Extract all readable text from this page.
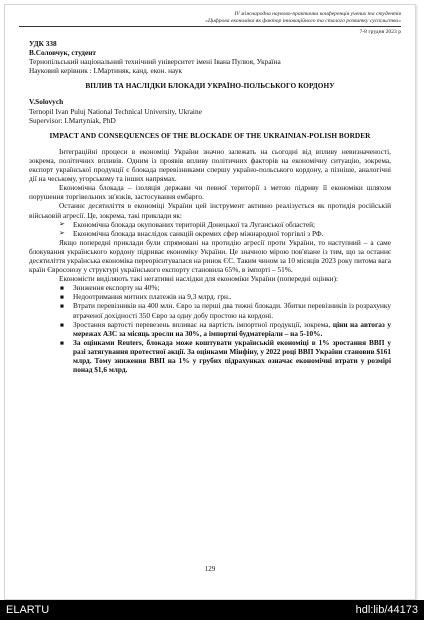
IV міжнародна науково-практична конференція учених та студентів
«Цифрова економіка як фактор інноваційного та сталого розвитку суспільства»
7-8 грудня 2023 р

УДК 338

В.Соловчук, студент

Тернопільський національний технічний університет імені Івана Пулюя, Україна

Науковий керівник : І.Мартиняк, канд. екон. наук

ВПЛИВ ТА НАСЛІДКИ БЛОКАДИ УКРАЇНО-ПОЛЬСЬКОГО КОРДОНУ

V.Solovych

Ternopil Ivan Puluj National Technical University, Ukraine

Supervisor: I.Martyniak, PhD

IMPACT AND CONSEQUENCES OF THE BLOCKADE OF THE UKRAINIAN-POLISH BORDER

Інтеграційні процеси в економіці України значно залежать на сьогодні від впливу невизначеності, зокрема, політичних впливів. Одним із проявів впливу політичних факторів на економічну ситуацію, зокрема, експорт української продукції є блокада перевізниками спершу україно-польського кордону, а пізніше, аналогічні дії на чеському, угорському та інших напрямах.

Економічна блокада – ізоляція держави чи певної території з метою підриву її економіки шляхом порушення торгівельних зв'язків, застосування ембарго.

Останнє десятиліття в економіці України цей інструмент активно реалізується як протидія російській військовій агресії. Це, зокрема, такі приклади як:

➢ Економічна блокада окупованих територій Донецької та Луганської областей;
➢ Економічна блокада внаслідок санкцій окремих сфер міжнародної торгівлі з РФ.

Якщо попередні приклади були спрямовані на протидію агресії проти України, то наступний – а саме блокування українського кордону підриває економіку України. Це значною мірою пов'язане із тим, що за останнє десятиліття українська економіка переорієнтувалася на ринок ЄС. Таким чином за 10 місяців 2023 року питома вага країн Євросоюзу у структурі українського експорту становила 65%, в імпорті – 51%.

Економісти виділяють такі негативні наслідки для економіки України (попередні оцінки):

■ Зниження експорту на 40%;
■ Недоотримання митних платежів на 9,3 млрд. грн..
■ Втрати перевізників на 400 млн. Євро за перші два тижні блокади. Збитки перевізників із розрахунку втраченої дохідності 350 Євро за одну добу простою на кордоні.
■ Зростання вартості перевезень впливає на вартість імпортної продукції, зокрема, ціни на автогаз у мережах АЗС за місяць зросли на 30%, а імпортні будматеріали – на 5-10%.
■ За оцінками Reuters, блокада може коштувати українській економіці в 1% зростання ВВП у разі затягування протестної акції. За оцінками Мінфіну, у 2022 році ВВП України становив $161 млрд. Тому зниження ВВП на 1% у грубих підрахунках означає економічні втрати у розмірі понад $1,6 млрд.
129
ELARTU	hdl:lib/44173
